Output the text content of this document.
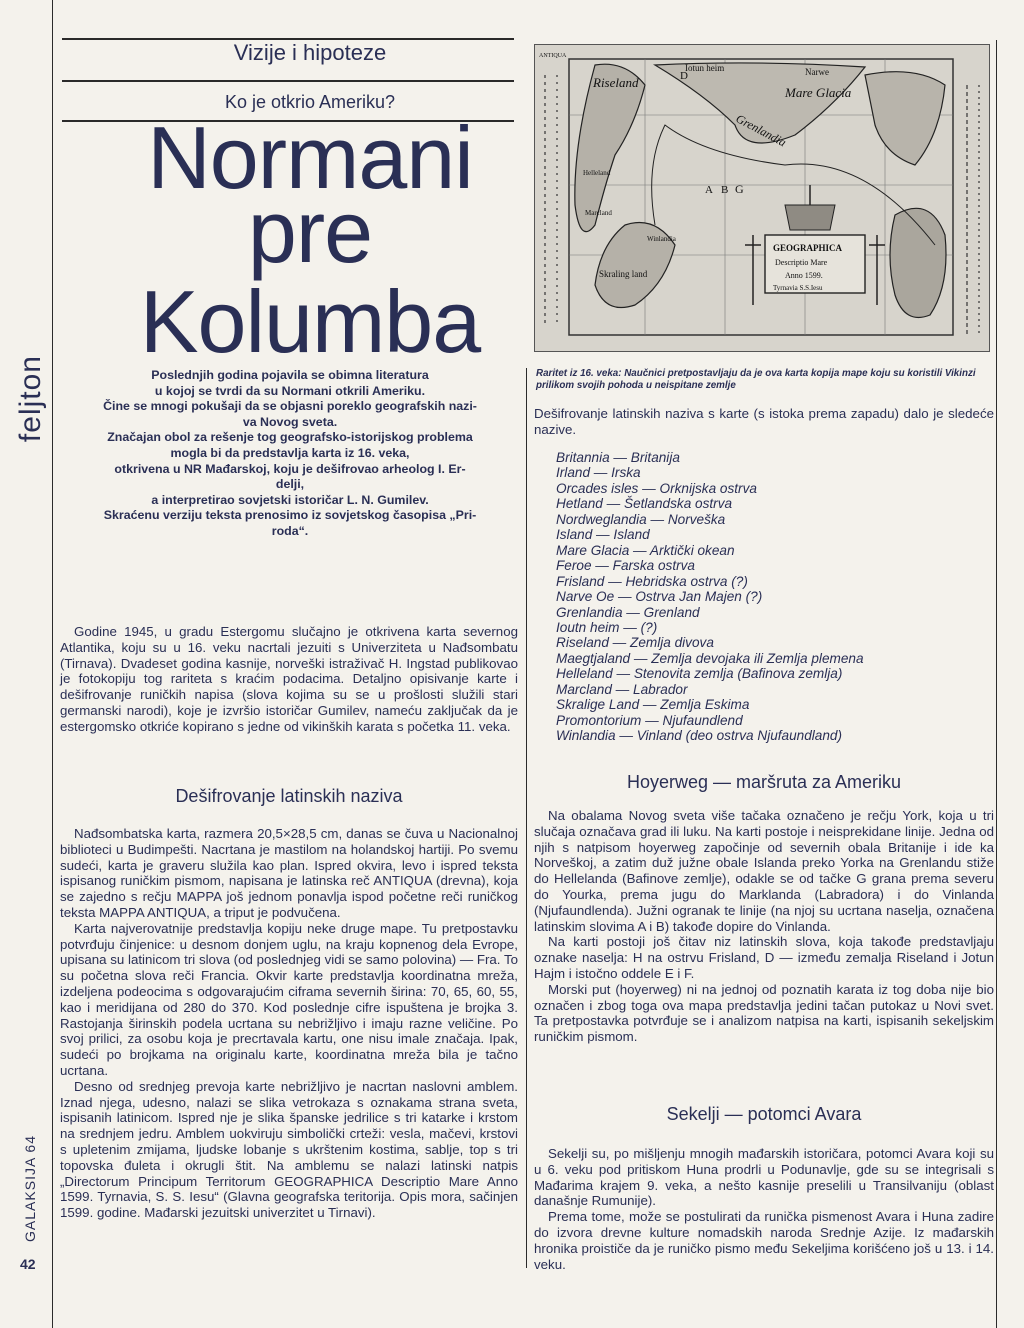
feljton
GALAKSIJA 64
42
Vizije i hipoteze
Ko je otkrio Ameriku?
Normani
pre
Kolumba
Poslednjih godina pojavila se obimna literatura
u kojoj se tvrdi da su Normani otkrili Ameriku.
Čine se mnogi pokušaji da se objasni poreklo geografskih nazi-
va Novog sveta.
Značajan obol za rešenje tog geografsko-istorijskog problema
mogla bi da predstavlja karta iz 16. veka,
otkrivena u NR Mađarskoj, koju je dešifrovao arheolog I. Er-
delji,
a interpretirao sovjetski istoričar L. N. Gumilev.
Skraćenu verziju teksta prenosimo iz sovjetskog časopisa „Pri-
roda“.

Godine 1945, u gradu Estergomu slučajno je otkrivena karta severnog Atlantika, koju su u 16. veku nacrtali jezuiti s Univerziteta u Nađsombatu (Tirnava). Dvadeset godina kasnije, norveški istraživač H. Ingstad publikovao je fotokopiju tog rariteta s kraćim podacima. Detaljno opisivanje karte i dešifrovanje runičkih napisa (slova kojima su se u prošlosti služili stari germanski narodi), koje je izvršio istoričar Gumilev, nameću zaključak da je estergomsko otkriće kopirano s jedne od vikinških karata s početka 11. veka.

Dešifrovanje latinskih naziva

Nađsombatska karta, razmera 20,5×28,5 cm, danas se čuva u Nacionalnoj biblioteci u Budimpešti. Nacrtana je mastilom na holandskoj hartiji. Po svemu sudeći, karta je graveru služila kao plan. Ispred okvira, levo i ispred teksta ispisanog runičkim pismom, napisana je latinska reč ANTIQUA (drevna), koja se zajedno s rečju MAPPA još jednom ponavlja ispod početne reči runičkog teksta MAPPA ANTIQUA, a triput je podvučena.

Karta najverovatnije predstavlja kopiju neke druge mape. Tu pretpostavku potvrđuju činjenice: u desnom donjem uglu, na kraju kopnenog dela Evrope, upisana su latinicom tri slova (od poslednjeg vidi se samo polovina) — Fra. To su početna slova reči Francia. Okvir karte predstavlja koordinatna mreža, izdeljena podeocima s odgovarajućim ciframa severnih širina: 70, 65, 60, 55, kao i meridijana od 280 do 370. Kod poslednje cifre ispuštena je brojka 3. Rastojanja širinskih podela ucrtana su nebrižljivo i imaju razne veličine. Po svoj prilici, za osobu koja je precrtavala kartu, one nisu imale značaja. Ipak, sudeći po brojkama na originalu karte, koordinatna mreža bila je tačno ucrtana.

Desno od srednjeg prevoja karte nebrižljivo je nacrtan naslovni amblem. Iznad njega, udesno, nalazi se slika vetrokaza s oznakama strana sveta, ispisanih latinicom. Ispred nje je slika španske jedrilice s tri katarke i krstom na srednjem jedru. Amblem uokviruju simbolički crteži: vesla, mačevi, krstovi s upletenim zmijama, ljudske lobanje s ukrštenim kostima, sablje, top s tri topovska đuleta i okrugli štit. Na amblemu se nalazi latinski natpis „Directorum Principum Territorum GEOGRAPHICA Descriptio Mare Anno 1599. Tyrnavia, S. S. Iesu“ (Glavna geografska teritorija. Opis mora, sačinjen 1599. godine. Mađarski jezuitski univerzitet u Tirnavi).

Riseland
Iotun heim	Narwe
Mare Glacia
Grenlandia
Helleland
Marcland
Winlandia
Skraling land
ANTIQUA
D
G
A B
GEOGRAPHICA
Descriptio Mare
Anno 1599.
Tyrnavia S.S.Iesu
Raritet iz 16. veka: Naučnici pretpostavljaju da je ova karta kopija mape koju su koristili Vikinzi prilikom svojih pohoda u neispitane zemlje

Dešifrovanje latinskih naziva s karte (s istoka prema zapadu) dalo je sledeće nazive.

Britannia — Britanija
Irland — Irska
Orcades isles — Orknijska ostrva
Hetland — Šetlandska ostrva
Nordweglandia — Norveška
Island — Island
Mare Glacia — Arktički okean
Feroe — Farska ostrva
Frisland — Hebridska ostrva (?)
Narve Oe — Ostrva Jan Majen (?)
Grenlandia — Grenland
Ioutn heim — (?)
Riseland — Zemlja divova
Maegtjaland — Zemlja devojaka ili Zemlja plemena
Helleland — Stenovita zemlja (Bafinova zemlja)
Marcland — Labrador
Skralige Land — Zemlja Eskima
Promontorium — Njufaundlend
Winlandia — Vinland (deo ostrva Njufaundland)
Hoyerweg — maršruta za Ameriku

Na obalama Novog sveta više tačaka označeno je rečju York, koja u tri slučaja označava grad ili luku. Na karti postoje i neisprekidane linije. Jedna od njih s natpisom hoyerweg započinje od severnih obala Britanije i ide ka Norveškoj, a zatim duž južne obale Islanda preko Yorka na Grenlandu stiže do Hellelanda (Bafinove zemlje), odakle se od tačke G grana prema severu do Yourka, prema jugu do Marklanda (Labradora) i do Vinlanda (Njufaundlenda). Južni ogranak te linije (na njoj su ucrtana naselja, označena latinskim slovima A i B) takođe dopire do Vinlanda.

Na karti postoji još čitav niz latinskih slova, koja takođe predstavljaju oznake naselja: H na ostrvu Frisland, D — između zemalja Riseland i Jotun Hajm i istočno oddele E i F.

Morski put (hoyerweg) ni na jednoj od poznatih karata iz tog doba nije bio označen i zbog toga ova mapa predstavlja jedini tačan putokaz u Novi svet. Ta pretpostavka potvrđuje se i analizom natpisa na karti, ispisanih sekeljskim runičkim pismom.

Sekelji — potomci Avara

Sekelji su, po mišljenju mnogih mađarskih istoričara, potomci Avara koji su u 6. veku pod pritiskom Huna prodrli u Podunavlje, gde su se integrisali s Mađarima krajem 9. veka, a nešto kasnije preselili u Transilvaniju (oblast današnje Rumunije).

Prema tome, može se postulirati da runička pismenost Avara i Huna zadire do izvora drevne kulture nomadskih naroda Srednje Azije. Iz mađarskih hronika proističe da je runičko pismo među Sekeljima korišćeno još u 13. i 14. veku.
